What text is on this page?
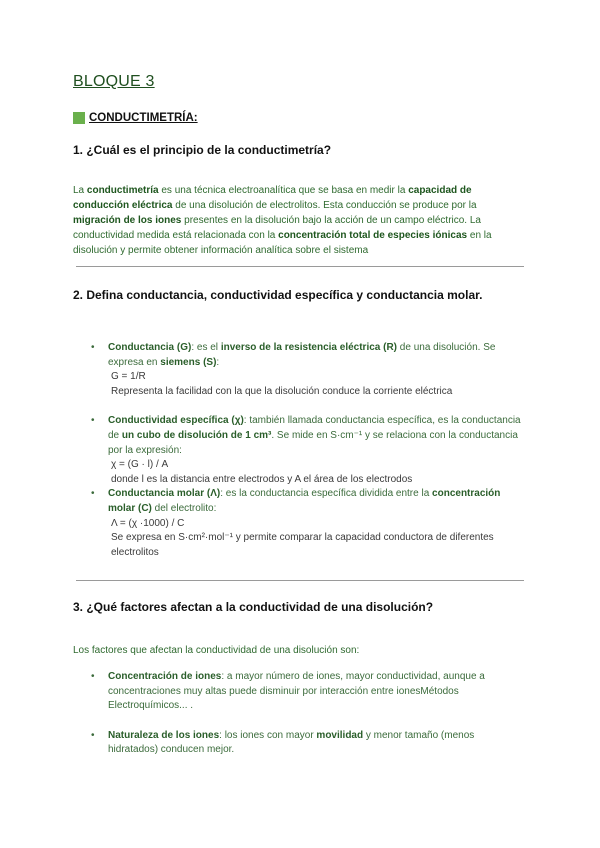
BLOQUE 3
CONDUCTIMETRÍA:
1. ¿Cuál es el principio de la conductimetría?
La conductimetría es una técnica electroanalítica que se basa en medir la capacidad de conducción eléctrica de una disolución de electrolitos. Esta conducción se produce por la migración de los iones presentes en la disolución bajo la acción de un campo eléctrico. La conductividad medida está relacionada con la concentración total de especies iónicas en la disolución y permite obtener información analítica sobre el sistema
2. Defina conductancia, conductividad específica y conductancia molar.
• Conductancia (G): es el inverso de la resistencia eléctrica (R) de una disolución. Se expresa en siemens (S):
G = 1/R
Representa la facilidad con la que la disolución conduce la corriente eléctrica
• Conductividad específica (χ): también llamada conductancia específica, es la conductancia de un cubo de disolución de 1 cm³. Se mide en S·cm⁻¹ y se relaciona con la conductancia por la expresión:
χ = (G · l) / A
donde l es la distancia entre electrodos y A el área de los electrodos
• Conductancia molar (Λ): es la conductancia específica dividida entre la concentración molar (C) del electrolito:
Λ = (χ ·1000) / C
Se expresa en S·cm²·mol⁻¹ y permite comparar la capacidad conductora de diferentes electrolitos
3. ¿Qué factores afectan a la conductividad de una disolución?
Los factores que afectan la conductividad de una disolución son:
• Concentración de iones: a mayor número de iones, mayor conductividad, aunque a concentraciones muy altas puede disminuir por interacción entre ionesMétodos Electroquímicos... .
• Naturaleza de los iones: los iones con mayor movilidad y menor tamaño (menos hidratados) conducen mejor.
